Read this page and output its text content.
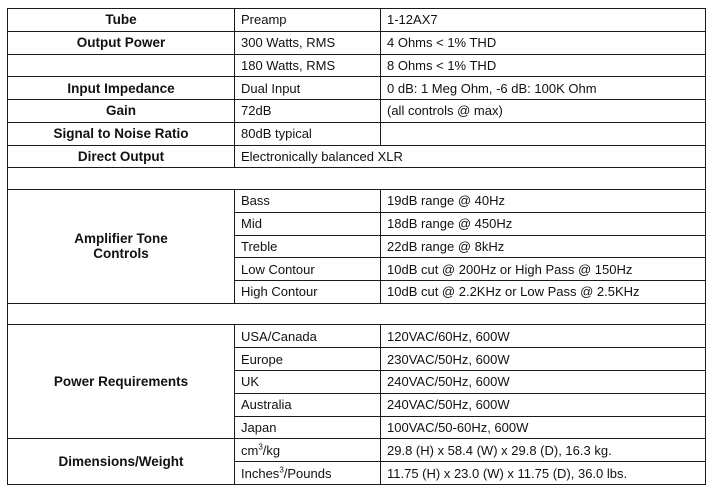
Tube	Preamp	1-12AX7
Output Power	300 Watts, RMS	4 Ohms < 1% THD
	180 Watts, RMS	8 Ohms < 1% THD
Input Impedance	Dual Input	0 dB: 1 Meg Ohm, -6 dB: 100K Ohm
Gain	72dB	(all controls @ max)
Signal to Noise Ratio	80dB typical	
Direct Output	Electronically balanced XLR	

Amplifier Tone
Controls	Bass	19dB range @ 40Hz
	Mid	18dB range @ 450Hz
	Treble	22dB range @ 8kHz
	Low Contour	10dB cut @ 200Hz or High Pass @ 150Hz
	High Contour	10dB cut @ 2.2KHz or Low Pass @ 2.5KHz

Power Requirements	USA/Canada	120VAC/60Hz, 600W
	Europe	230VAC/50Hz, 600W
	UK	240VAC/50Hz, 600W
	Australia	240VAC/50Hz, 600W
	Japan	100VAC/50-60Hz, 600W
Dimensions/Weight	$cm^3/kg$	29.8 (H) x 58.4 (W) x 29.8 (D), 16.3 kg.
	Inches$^3$/Pounds	11.75 (H) x 23.0 (W) x 11.75 (D), 36.0 lbs.
